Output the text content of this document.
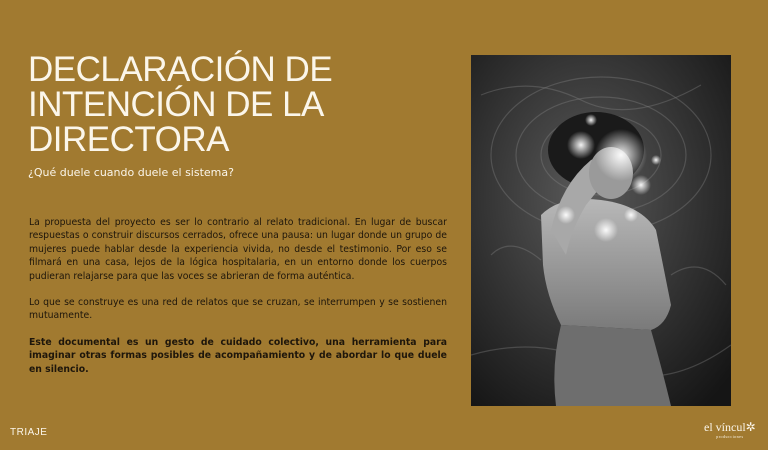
DECLARACIÓN DE
INTENCIÓN DE LA
DIRECTORA

¿Qué duele cuando duele el sistema?

La propuesta del proyecto es ser lo contrario al relato tradicional. En lugar de buscar respuestas o construir discursos cerrados, ofrece una pausa: un lugar donde un grupo de mujeres puede hablar desde la experiencia vivida, no desde el testimonio. Por eso se filmará en una casa, lejos de la lógica hospitalaria, en un entorno donde los cuerpos pudieran relajarse para que las voces se abrieran de forma auténtica.

Lo que se construye es una red de relatos que se cruzan, se interrumpen y se sostienen mutuamente.

Este documental es un gesto de cuidado colectivo, una herramienta para imaginar otras formas posibles de acompañamiento y de abordar lo que duele en silencio.

TRIAJE	el víncul✲
producciones
